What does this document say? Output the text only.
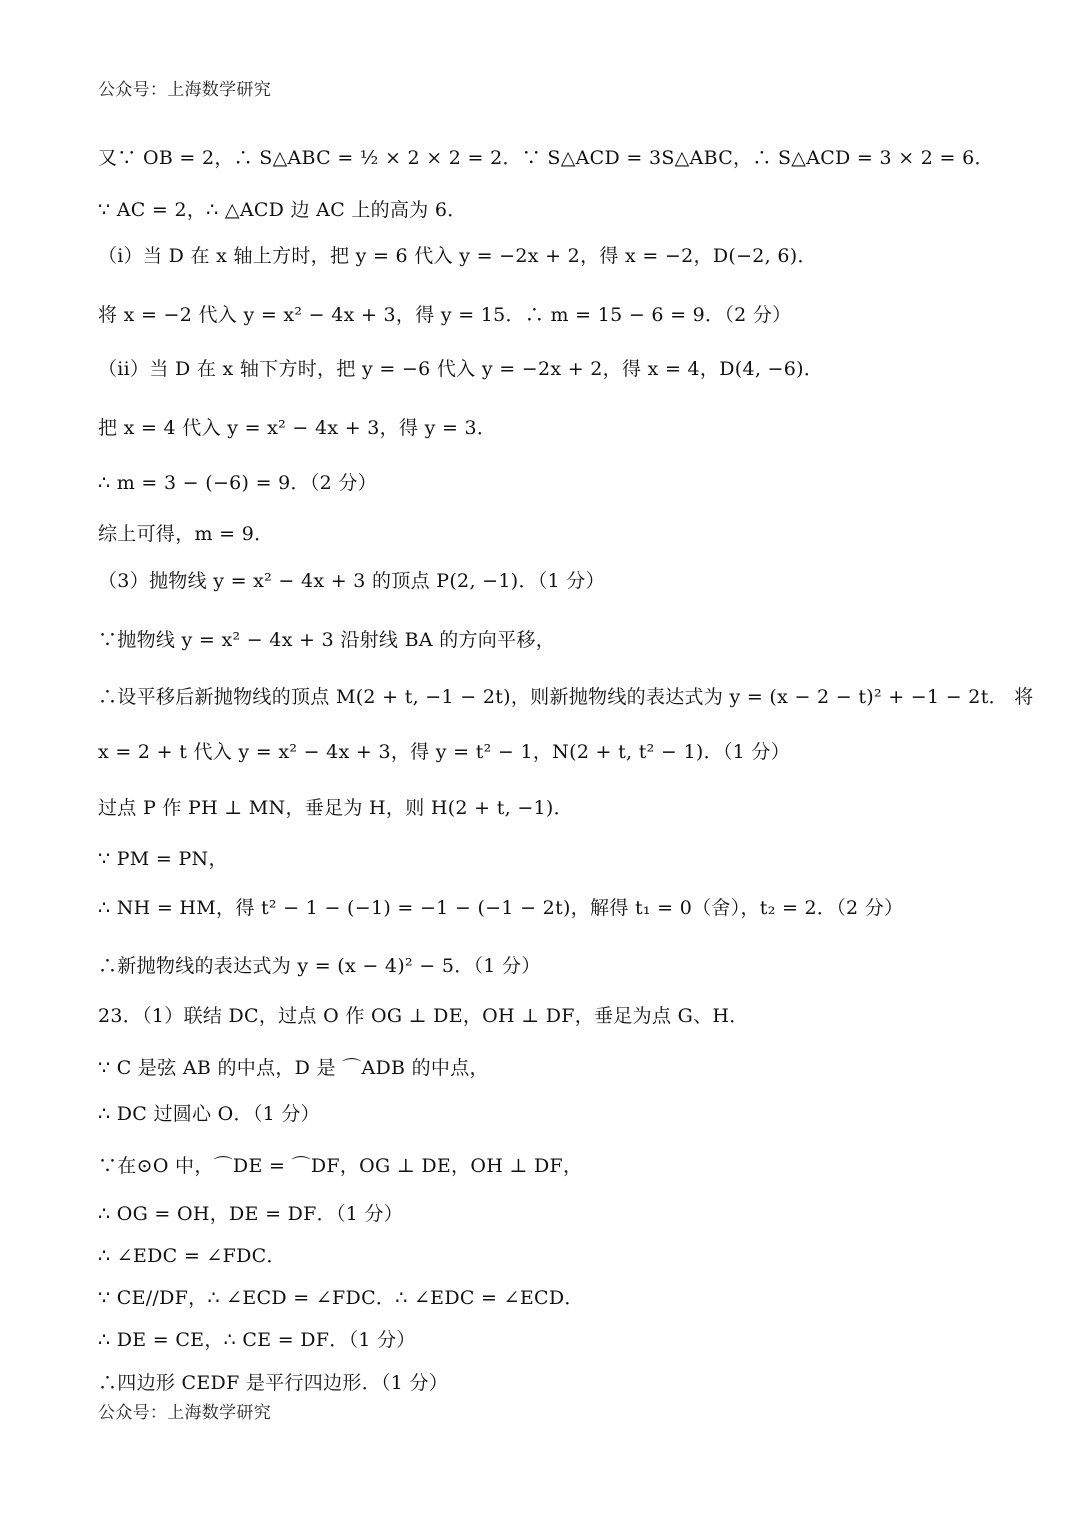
公众号：上海数学研究
又∵ OB = 2，∴ S△ABC = ½ × 2 × 2 = 2．∵ S△ACD = 3S△ABC，∴ S△ACD = 3 × 2 = 6．
∵ AC = 2，∴ △ACD 边 AC 上的高为 6．
（i）当 D 在 x 轴上方时，把 y = 6 代入 y = −2x + 2，得 x = −2，D(−2, 6)．
将 x = −2 代入 y = x² − 4x + 3，得 y = 15．∴ m = 15 − 6 = 9．（2 分）
（ii）当 D 在 x 轴下方时，把 y = −6 代入 y = −2x + 2，得 x = 4，D(4, −6)．
把 x = 4 代入 y = x² − 4x + 3，得 y = 3．
∴ m = 3 − (−6) = 9．（2 分）
综上可得，m = 9．
（3）抛物线 y = x² − 4x + 3 的顶点 P(2, −1)．（1 分）
∵抛物线 y = x² − 4x + 3 沿射线 BA 的方向平移，
∴设平移后新抛物线的顶点 M(2 + t, −1 − 2t)，则新抛物线的表达式为 y = (x − 2 − t)² + −1 − 2t． 将
x = 2 + t 代入 y = x² − 4x + 3，得 y = t² − 1，N(2 + t, t² − 1)．（1 分）
过点 P 作 PH ⊥ MN，垂足为 H，则 H(2 + t, −1)．
∵ PM = PN，
∴ NH = HM，得 t² − 1 − (−1) = −1 − (−1 − 2t)，解得 t₁ = 0（舍），t₂ = 2．（2 分）
∴新抛物线的表达式为 y = (x − 4)² − 5．（1 分）
23．（1）联结 DC，过点 O 作 OG ⊥ DE，OH ⊥ DF，垂足为点 G、H．
∵ C 是弦 AB 的中点，D 是 ⌒ADB 的中点，
∴ DC 过圆心 O．（1 分）
∵在⊙O 中，⌒DE = ⌒DF，OG ⊥ DE，OH ⊥ DF，
∴ OG = OH，DE = DF．（1 分）
∴ ∠EDC = ∠FDC．
∵ CE//DF，∴ ∠ECD = ∠FDC．∴ ∠EDC = ∠ECD．
∴ DE = CE，∴ CE = DF．（1 分）
∴四边形 CEDF 是平行四边形．（1 分）
公众号：上海数学研究
